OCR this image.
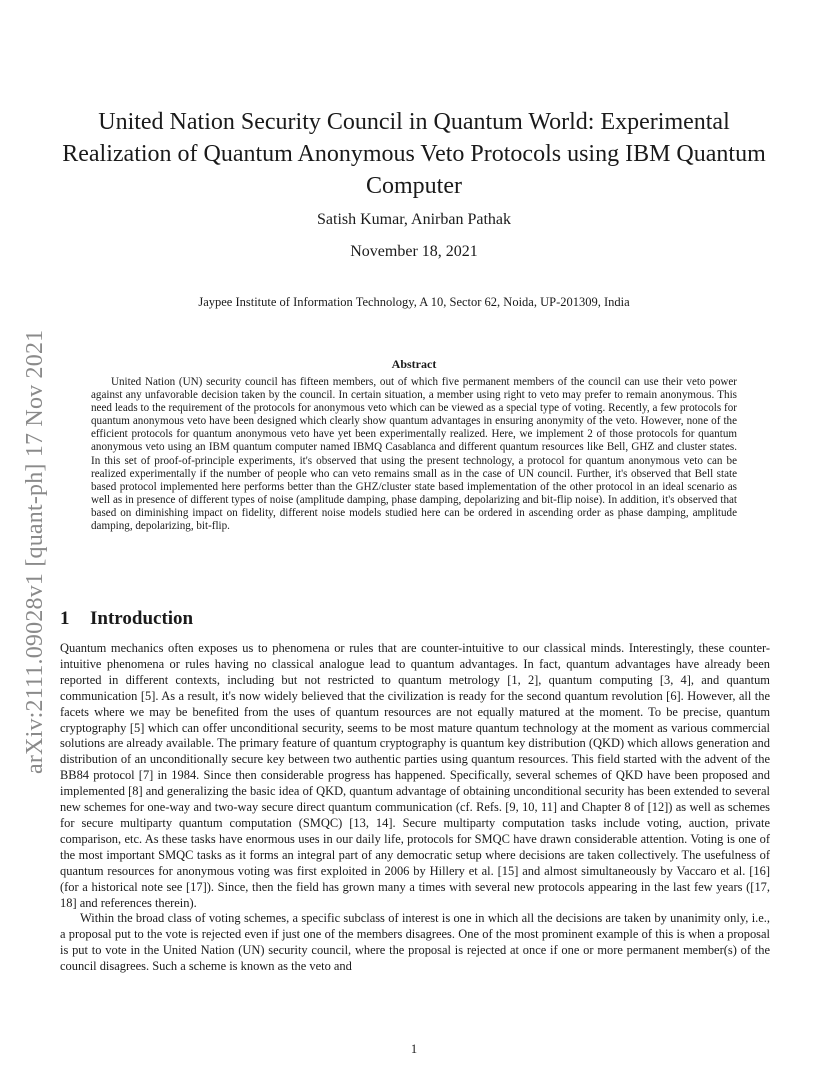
arXiv:2111.09028v1 [quant-ph] 17 Nov 2021
United Nation Security Council in Quantum World: Experimental Realization of Quantum Anonymous Veto Protocols using IBM Quantum Computer
Satish Kumar, Anirban Pathak
November 18, 2021
Jaypee Institute of Information Technology, A 10, Sector 62, Noida, UP-201309, India
Abstract

United Nation (UN) security council has fifteen members, out of which five permanent members of the council can use their veto power against any unfavorable decision taken by the council. In certain situation, a member using right to veto may prefer to remain anonymous. This need leads to the requirement of the protocols for anonymous veto which can be viewed as a special type of voting. Recently, a few protocols for quantum anonymous veto have been designed which clearly show quantum advantages in ensuring anonymity of the veto. However, none of the efficient protocols for quantum anonymous veto have yet been experimentally realized. Here, we implement 2 of those protocols for quantum anonymous veto using an IBM quantum computer named IBMQ Casablanca and different quantum resources like Bell, GHZ and cluster states. In this set of proof-of-principle experiments, it's observed that using the present technology, a protocol for quantum anonymous veto can be realized experimentally if the number of people who can veto remains small as in the case of UN council. Further, it's observed that Bell state based protocol implemented here performs better than the GHZ/cluster state based implementation of the other protocol in an ideal scenario as well as in presence of different types of noise (amplitude damping, phase damping, depolarizing and bit-flip noise). In addition, it's observed that based on diminishing impact on fidelity, different noise models studied here can be ordered in ascending order as phase damping, amplitude damping, depolarizing, bit-flip.

1 Introduction

Quantum mechanics often exposes us to phenomena or rules that are counter-intuitive to our classical minds. Interestingly, these counter-intuitive phenomena or rules having no classical analogue lead to quantum advantages. In fact, quantum advantages have already been reported in different contexts, including but not restricted to quantum metrology [1, 2], quantum computing [3, 4], and quantum communication [5]. As a result, it's now widely believed that the civilization is ready for the second quantum revolution [6]. However, all the facets where we may be benefited from the uses of quantum resources are not equally matured at the moment. To be precise, quantum cryptography [5] which can offer unconditional security, seems to be most mature quantum technology at the moment as various commercial solutions are already available. The primary feature of quantum cryptography is quantum key distribution (QKD) which allows generation and distribution of an unconditionally secure key between two authentic parties using quantum resources. This field started with the advent of the BB84 protocol [7] in 1984. Since then considerable progress has happened. Specifically, several schemes of QKD have been proposed and implemented [8] and generalizing the basic idea of QKD, quantum advantage of obtaining unconditional security has been extended to several new schemes for one-way and two-way secure direct quantum communication (cf. Refs. [9, 10, 11] and Chapter 8 of [12]) as well as schemes for secure multiparty quantum computation (SMQC) [13, 14]. Secure multiparty computation tasks include voting, auction, private comparison, etc. As these tasks have enormous uses in our daily life, protocols for SMQC have drawn considerable attention. Voting is one of the most important SMQC tasks as it forms an integral part of any democratic setup where decisions are taken collectively. The usefulness of quantum resources for anonymous voting was first exploited in 2006 by Hillery et al. [15] and almost simultaneously by Vaccaro et al. [16] (for a historical note see [17]). Since, then the field has grown many a times with several new protocols appearing in the last few years ([17, 18] and references therein).

Within the broad class of voting schemes, a specific subclass of interest is one in which all the decisions are taken by unanimity only, i.e., a proposal put to the vote is rejected even if just one of the members disagrees. One of the most prominent example of this is when a proposal is put to vote in the United Nation (UN) security council, where the proposal is rejected at once if one or more permanent member(s) of the council disagrees. Such a scheme is known as the veto and

1
